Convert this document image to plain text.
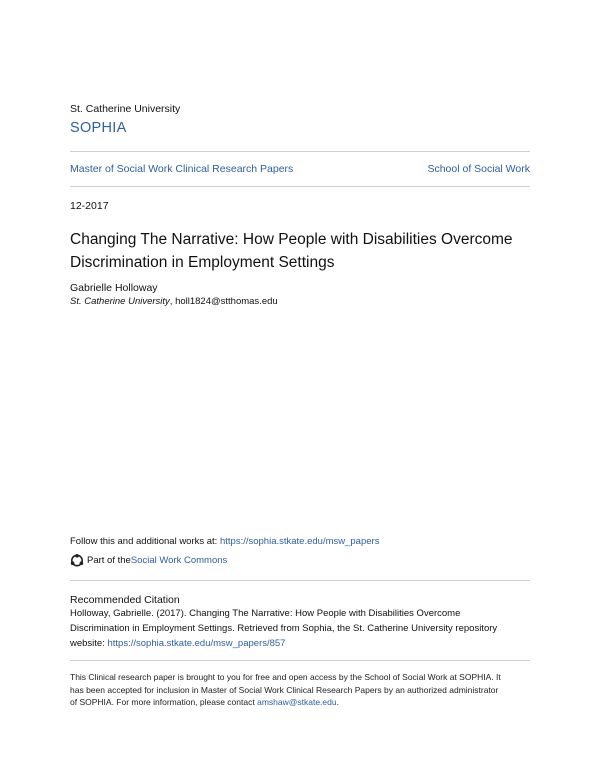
St. Catherine University
SOPHIA
Master of Social Work Clinical Research Papers	School of Social Work
12-2017
Changing The Narrative: How People with Disabilities Overcome
Discrimination in Employment Settings
Gabrielle Holloway
St. Catherine University, holl1824@stthomas.edu
Follow this and additional works at: https://sophia.stkate.edu/msw_papers
Part of the Social Work Commons
Recommended Citation
Holloway, Gabrielle. (2017). Changing The Narrative: How People with Disabilities Overcome
Discrimination in Employment Settings. Retrieved from Sophia, the St. Catherine University repository
website: https://sophia.stkate.edu/msw_papers/857
This Clinical research paper is brought to you for free and open access by the School of Social Work at SOPHIA. It
has been accepted for inclusion in Master of Social Work Clinical Research Papers by an authorized administrator
of SOPHIA. For more information, please contact amshaw@stkate.edu.
